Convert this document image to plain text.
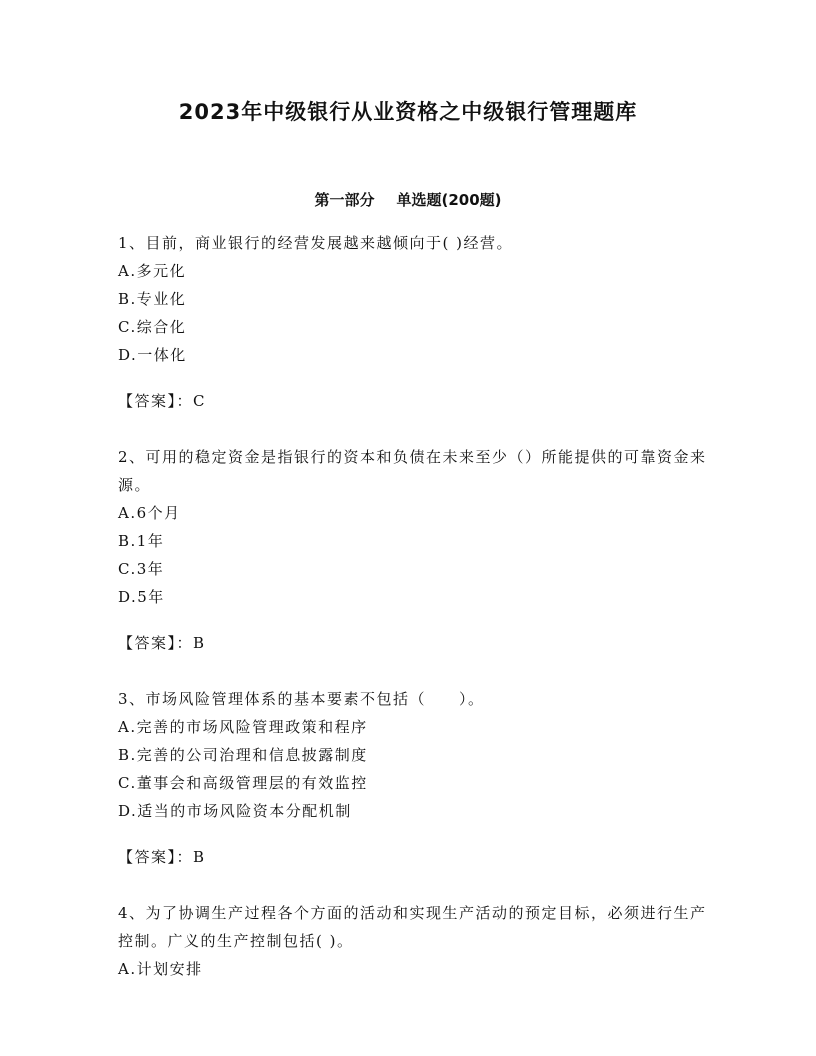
2023年中级银行从业资格之中级银行管理题库
第一部分 单选题(200题)

1、目前，商业银行的经营发展越来越倾向于( )经营。

A.多元化

B.专业化

C.综合化

D.一体化

【答案】：C

2、可用的稳定资金是指银行的资本和负债在未来至少（）所能提供的可靠资金来源。

A.6个月

B.1年

C.3年

D.5年

【答案】：B

3、市场风险管理体系的基本要素不包括（　　）。

A.完善的市场风险管理政策和程序

B.完善的公司治理和信息披露制度

C.董事会和高级管理层的有效监控

D.适当的市场风险资本分配机制

【答案】：B

4、为了协调生产过程各个方面的活动和实现生产活动的预定目标，必须进行生产控制。广义的生产控制包括( )。

A.计划安排
